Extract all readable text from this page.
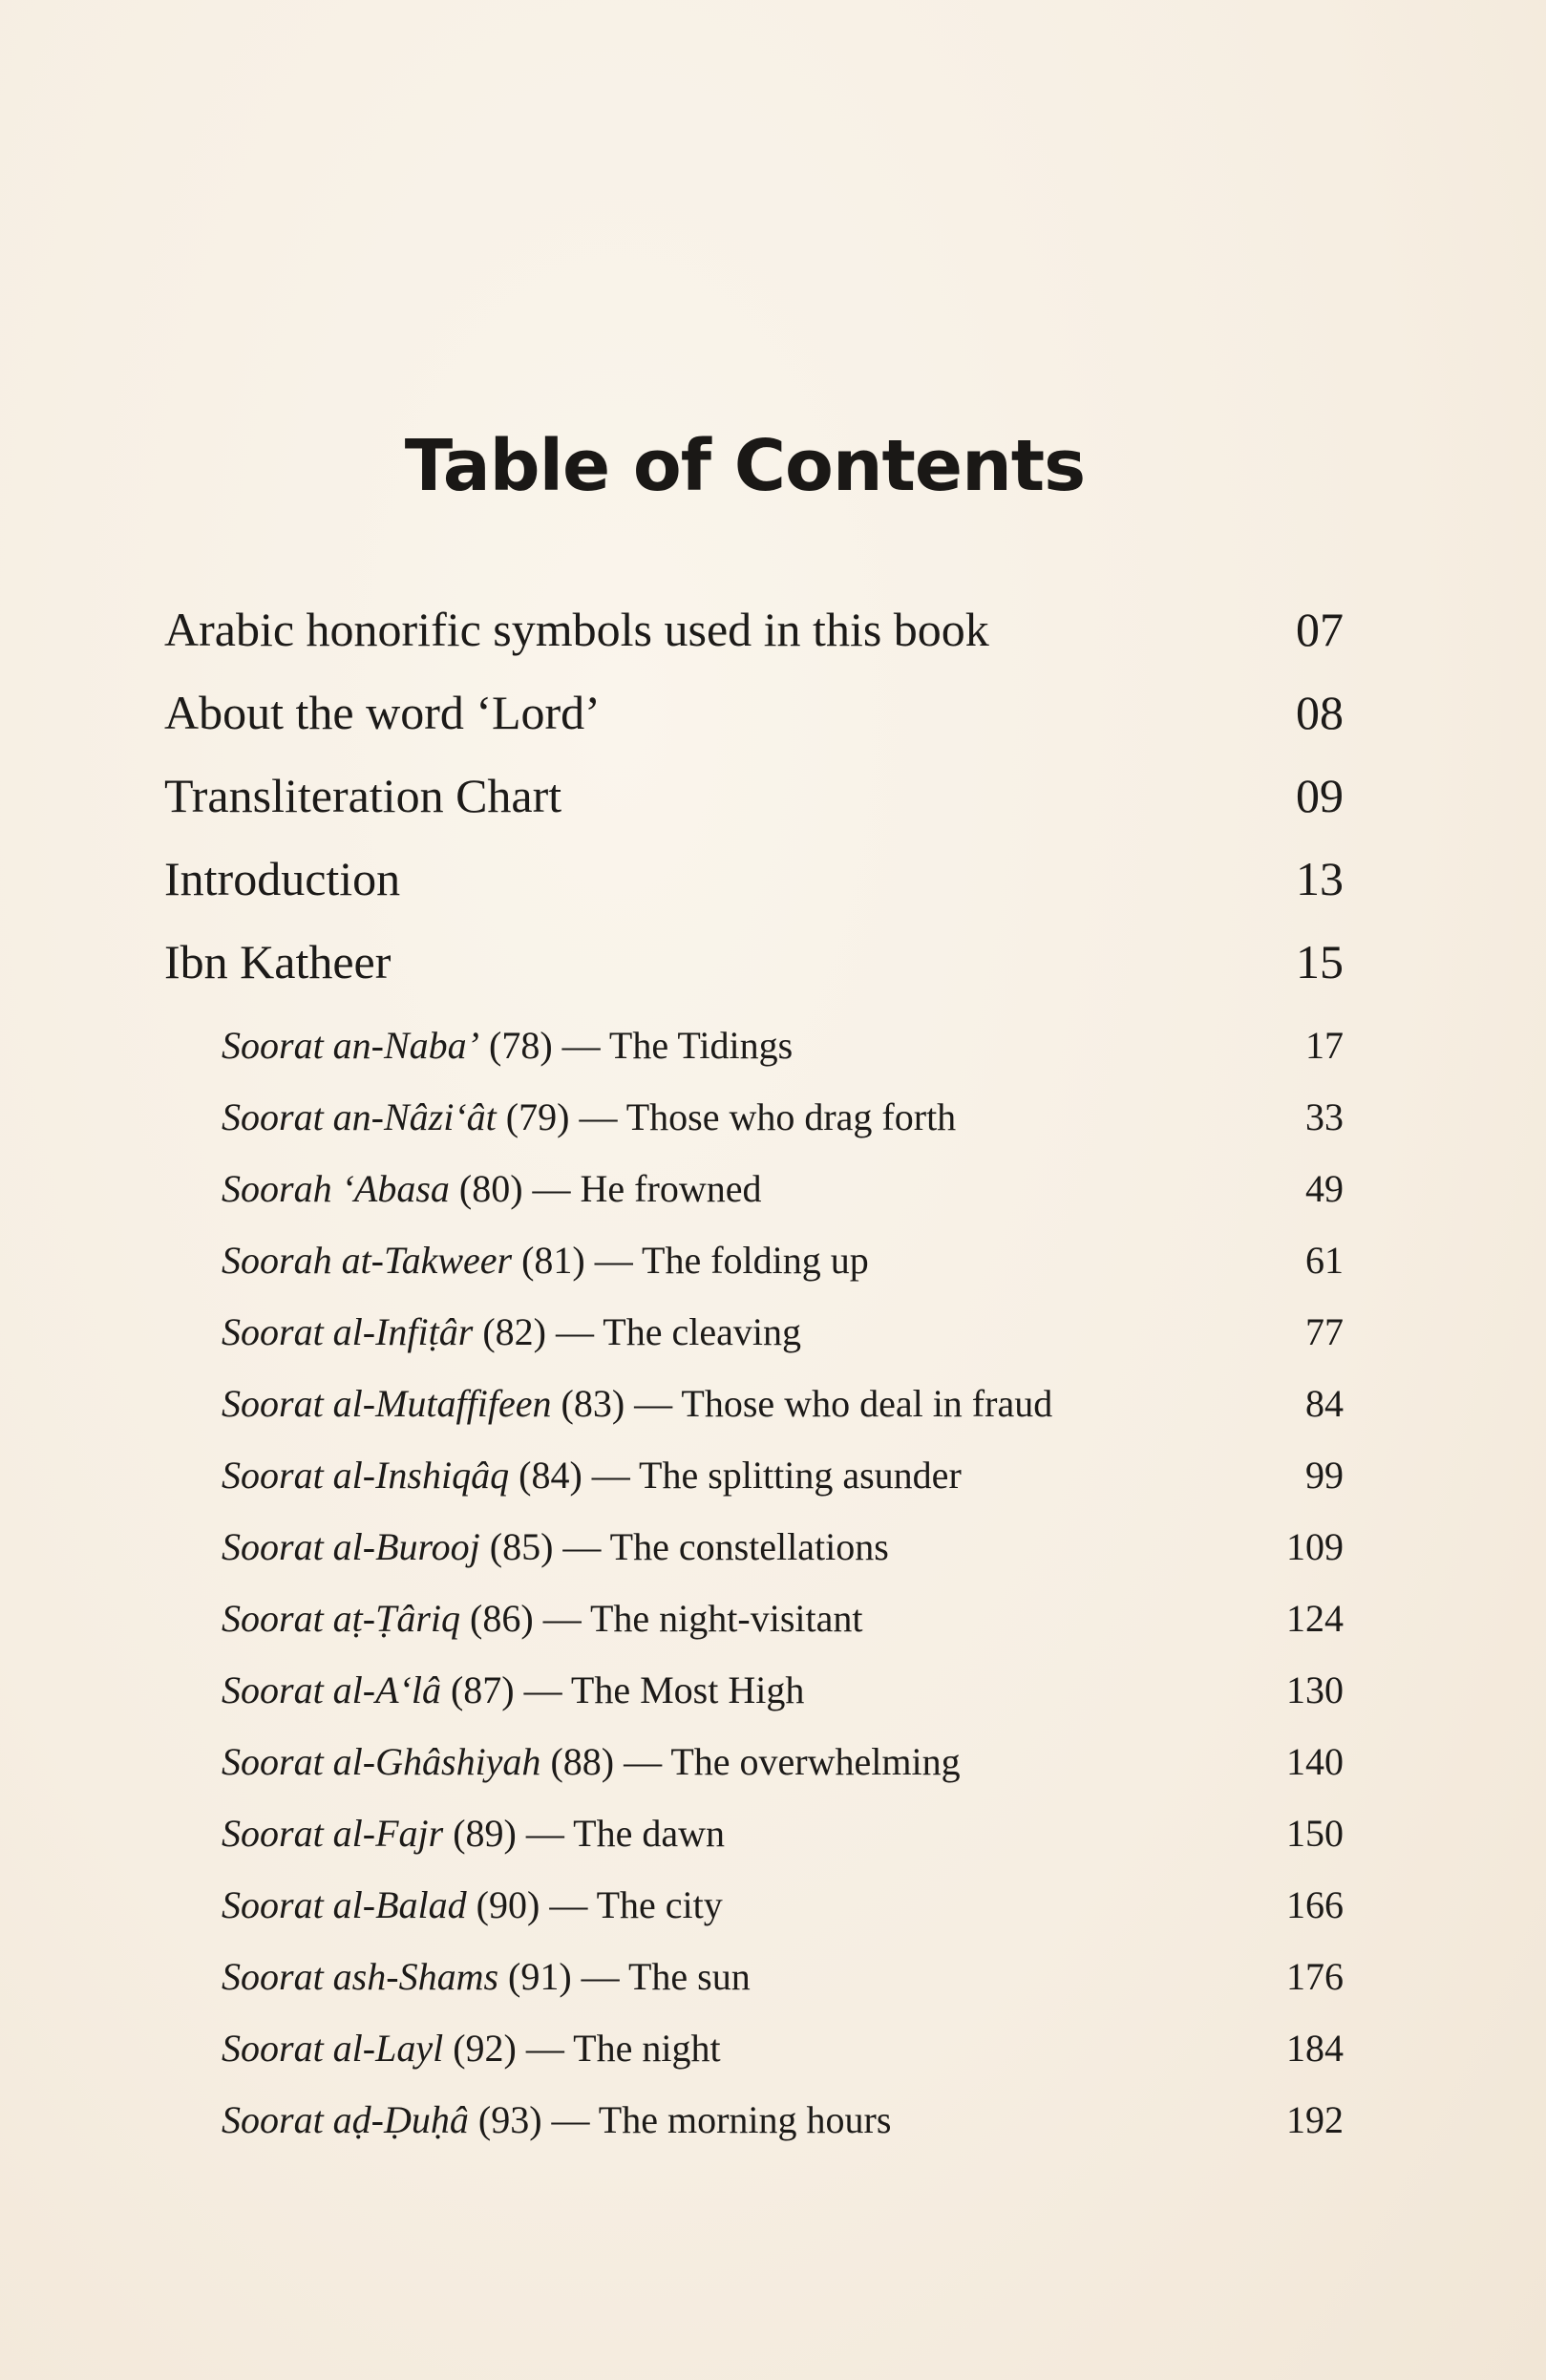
Table of Contents
Arabic honorific symbols used in this book	07
About the word ‘Lord’	08
Transliteration Chart	09
Introduction	13
Ibn Katheer	15
Soorat an-Naba’ (78) — The Tidings	17
Soorat an-Nâzi‘ât (79) — Those who drag forth	33
Soorah ‘Abasa (80) — He frowned	49
Soorah at-Takweer (81) — The folding up	61
Soorat al-Infiṭâr (82) — The cleaving	77
Soorat al-Mutaffifeen (83) — Those who deal in fraud	84
Soorat al-Inshiqâq (84) — The splitting asunder	99
Soorat al-Burooj (85) — The constellations	109
Soorat aṭ-Ṭâriq (86) — The night-visitant	124
Soorat al-A‘lâ (87) — The Most High	130
Soorat al-Ghâshiyah (88) — The overwhelming	140
Soorat al-Fajr (89) — The dawn	150
Soorat al-Balad (90) — The city	166
Soorat ash-Shams (91) — The sun	176
Soorat al-Layl (92) — The night	184
Soorat aḍ-Ḍuḥâ (93) — The morning hours	192
